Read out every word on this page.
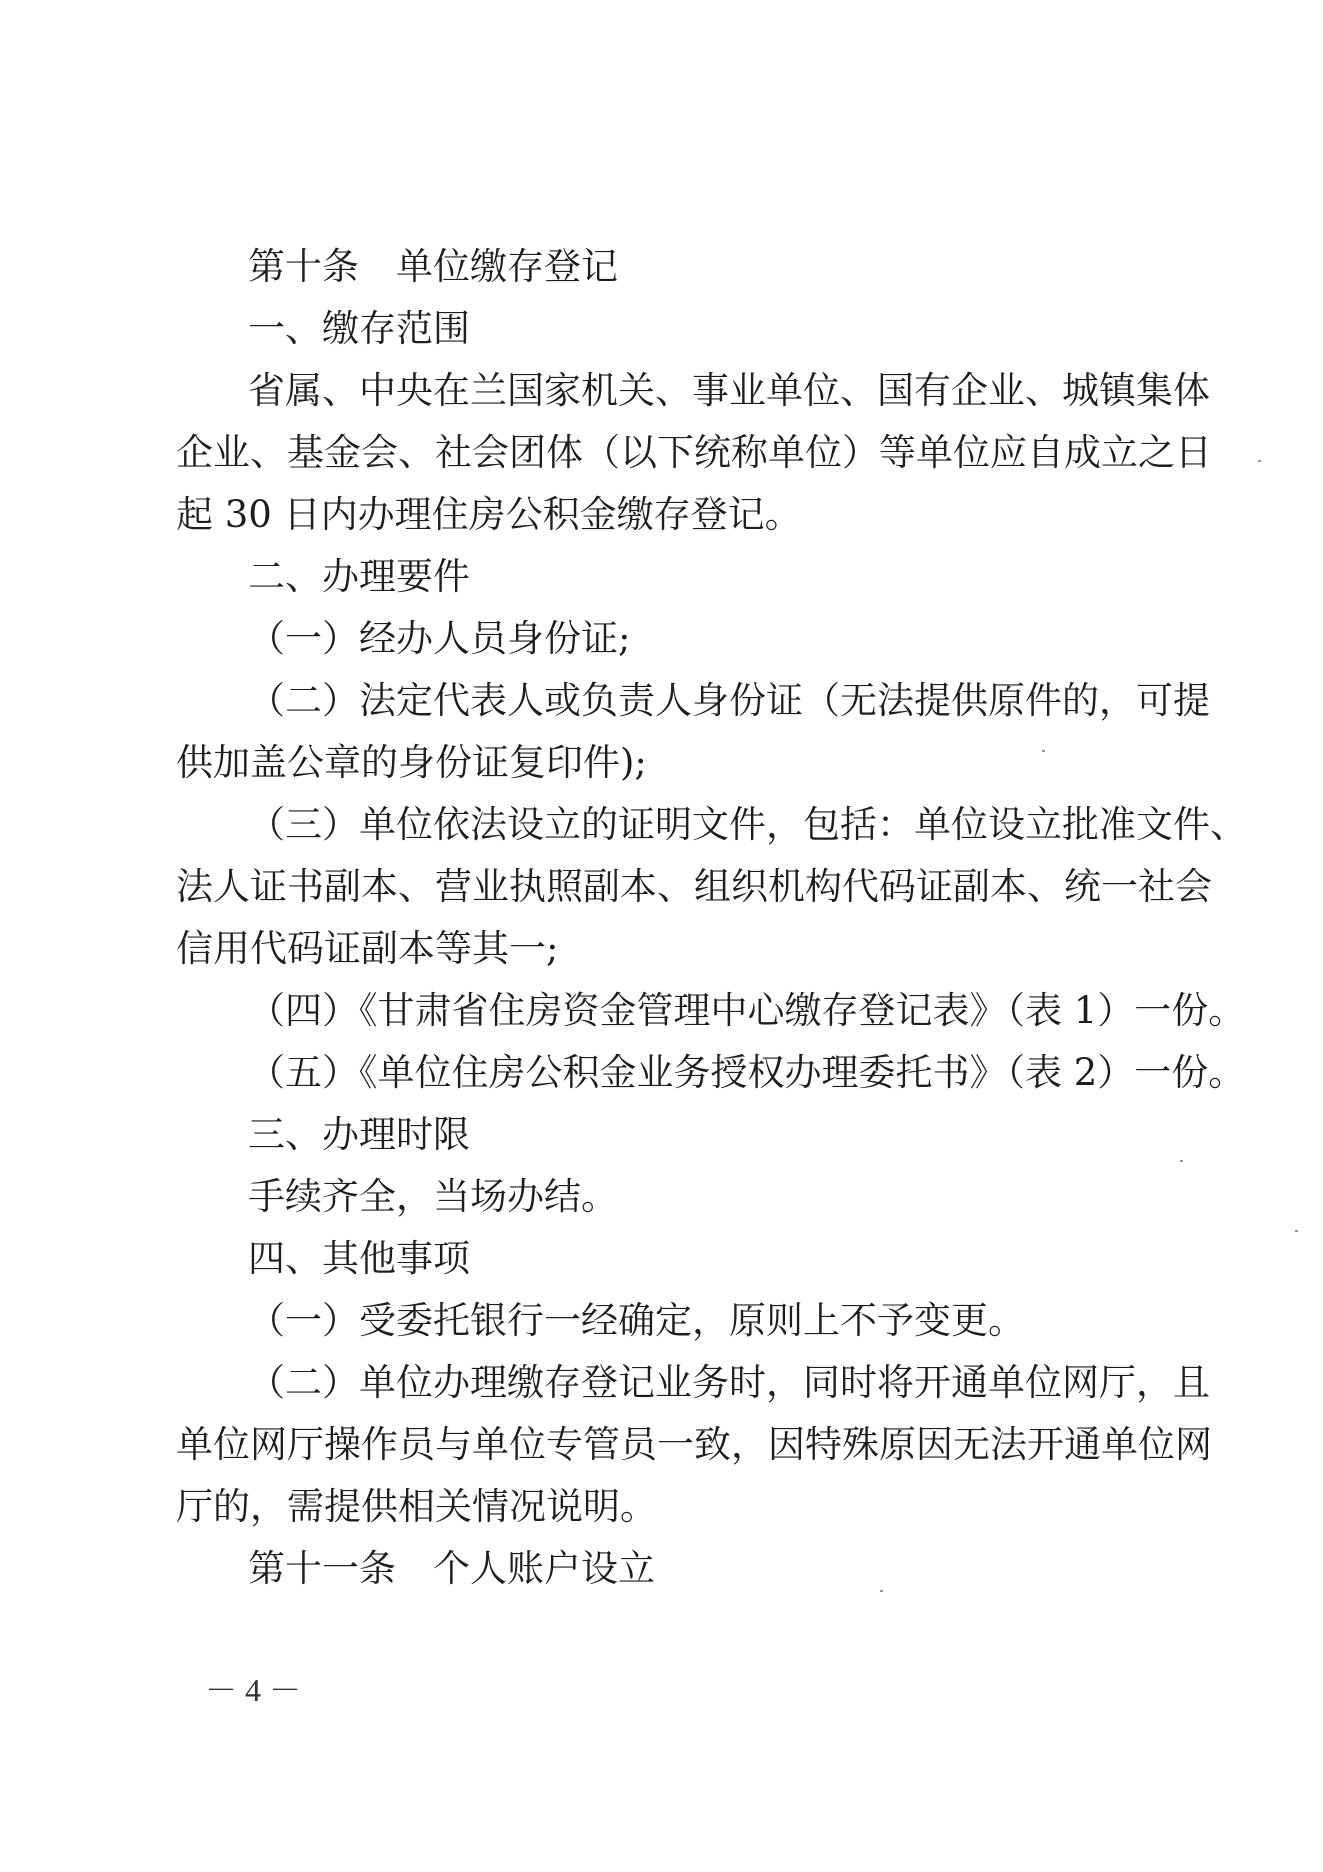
第十条　单位缴存登记
一、缴存范围
省属、中央在兰国家机关、事业单位、国有企业、城镇集体
企业、基金会、社会团体（以下统称单位）等单位应自成立之日
起 30 日内办理住房公积金缴存登记。
二、办理要件
（一）经办人员身份证;
（二）法定代表人或负责人身份证（无法提供原件的，可提
供加盖公章的身份证复印件);
（三）单位依法设立的证明文件，包括：单位设立批准文件、
法人证书副本、营业执照副本、组织机构代码证副本、统一社会
信用代码证副本等其一;
（四）《甘肃省住房资金管理中心缴存登记表》（表 1）一份。
（五）《单位住房公积金业务授权办理委托书》（表 2）一份。
三、办理时限
手续齐全，当场办结。
四、其他事项
（一）受委托银行一经确定，原则上不予变更。
（二）单位办理缴存登记业务时，同时将开通单位网厅，且
单位网厅操作员与单位专管员一致，因特殊原因无法开通单位网
厅的，需提供相关情况说明。
第十一条　个人账户设立
－ 4 －
